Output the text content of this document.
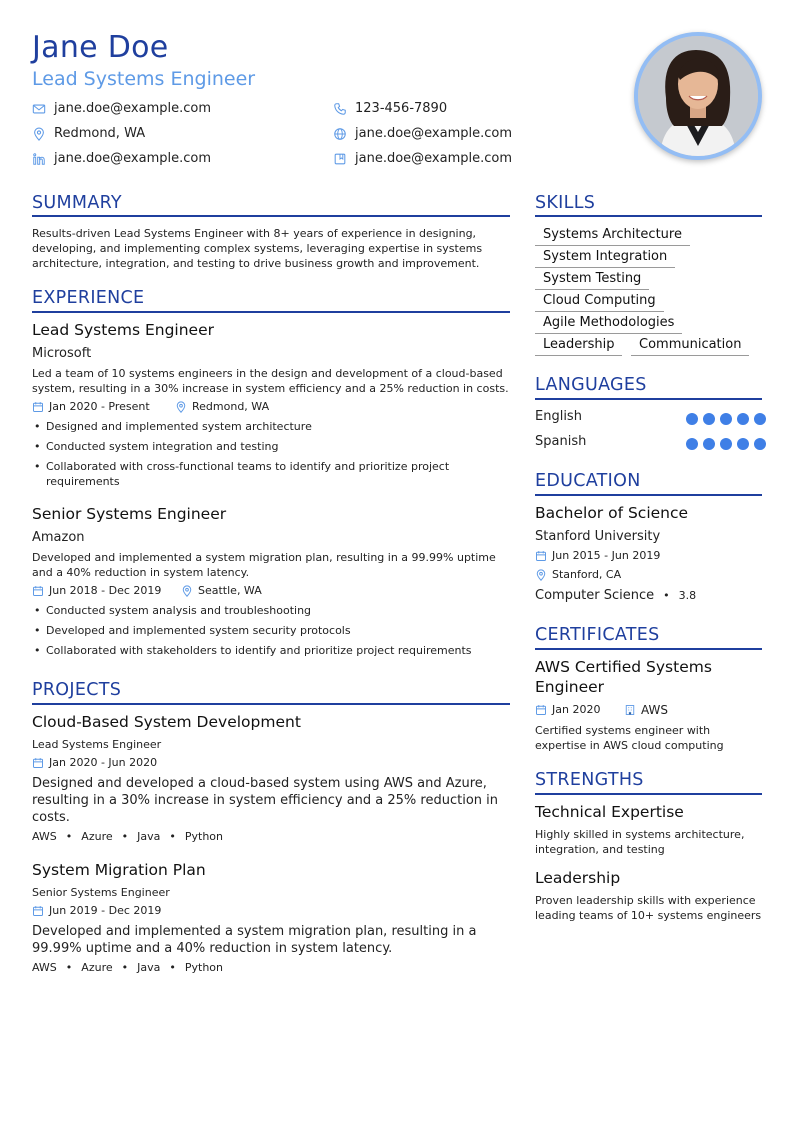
Jane Doe
Lead Systems Engineer
jane.doe@example.com	123-456-7890
Redmond, WA	jane.doe@example.com
jane.doe@example.com	jane.doe@example.com
SUMMARY
Results-driven Lead Systems Engineer with 8+ years of experience in designing, developing, and implementing complex systems, leveraging expertise in systems architecture, integration, and testing to drive business growth and improvement.
EXPERIENCE
Lead Systems Engineer
Microsoft
Led a team of 10 systems engineers in the design and development of a cloud-based system, resulting in a 30% increase in system efficiency and a 25% reduction in costs.
Jan 2020 - Present	Redmond, WA
• Designed and implemented system architecture
• Conducted system integration and testing
• Collaborated with cross-functional teams to identify and prioritize project requirements
Senior Systems Engineer
Amazon
Developed and implemented a system migration plan, resulting in a 99.99% uptime and a 40% reduction in system latency.
Jun 2018 - Dec 2019	Seattle, WA
• Conducted system analysis and troubleshooting
• Developed and implemented system security protocols
• Collaborated with stakeholders to identify and prioritize project requirements
PROJECTS
Cloud-Based System Development
Lead Systems Engineer
Jan 2020 - Jun 2020
Designed and developed a cloud-based system using AWS and Azure, resulting in a 30% increase in system efficiency and a 25% reduction in costs.
AWS • Azure • Java • Python
System Migration Plan
Senior Systems Engineer
Jun 2019 - Dec 2019
Developed and implemented a system migration plan, resulting in a 99.99% uptime and a 40% reduction in system latency.
AWS • Azure • Java • Python
SKILLS
Systems Architecture
System Integration
System Testing
Cloud Computing
Agile Methodologies
Leadership	Communication
LANGUAGES
English
Spanish
EDUCATION
Bachelor of Science
Stanford University
Jun 2015 - Jun 2019
Stanford, CA
Computer Science • 3.8
CERTIFICATES
AWS Certified Systems Engineer
Jan 2020	AWS
Certified systems engineer with expertise in AWS cloud computing
STRENGTHS
Technical Expertise
Highly skilled in systems architecture, integration, and testing
Leadership
Proven leadership skills with experience leading teams of 10+ systems engineers
